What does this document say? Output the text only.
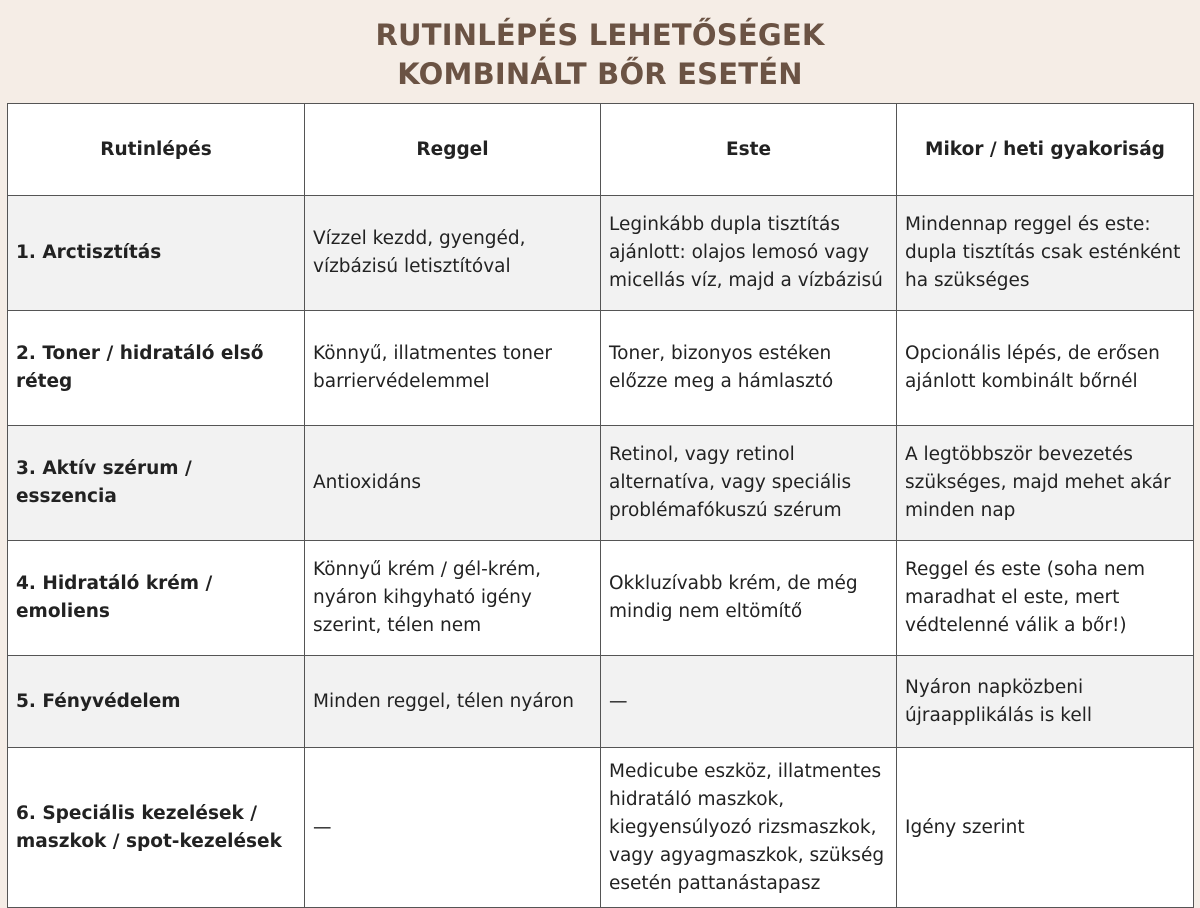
RUTINLÉPÉS LEHETŐSÉGEK
KOMBINÁLT BŐR ESETÉN
Rutinlépés	Reggel	Este	Mikor / heti gyakoriság
1. Arctisztítás	Vízzel kezdd, gyengéd, vízbázisú letisztítóval	Leginkább dupla tisztítás ajánlott: olajos lemosó vagy micellás víz, majd a vízbázisú	Mindennap reggel és este: dupla tisztítás csak esténként ha szükséges
2. Toner / hidratáló első réteg	Könnyű, illatmentes toner barriervédelemmel	Toner, bizonyos estéken előzze meg a hámlasztó	Opcionális lépés, de erősen ajánlott kombinált bőrnél
3. Aktív szérum / esszencia	Antioxidáns	Retinol, vagy retinol alternatíva, vagy speciális problémafókuszú szérum	A legtöbbször bevezetés szükséges, majd mehet akár minden nap
4. Hidratáló krém / emoliens	Könnyű krém / gél-krém, nyáron kihgyható igény szerint, télen nem	Okkluzívabb krém, de még mindig nem eltömítő	Reggel és este (soha nem maradhat el este, mert védtelenné válik a bőr!)
5. Fényvédelem	Minden reggel, télen nyáron	—	Nyáron napközbeni újraapplikálás is kell
6. Speciális kezelések / maszkok / spot-kezelések	—	Medicube eszköz, illatmentes hidratáló maszkok, kiegyensúlyozó rizsmaszkok, vagy agyagmaszkok, szükség esetén pattanástapasz	Igény szerint
